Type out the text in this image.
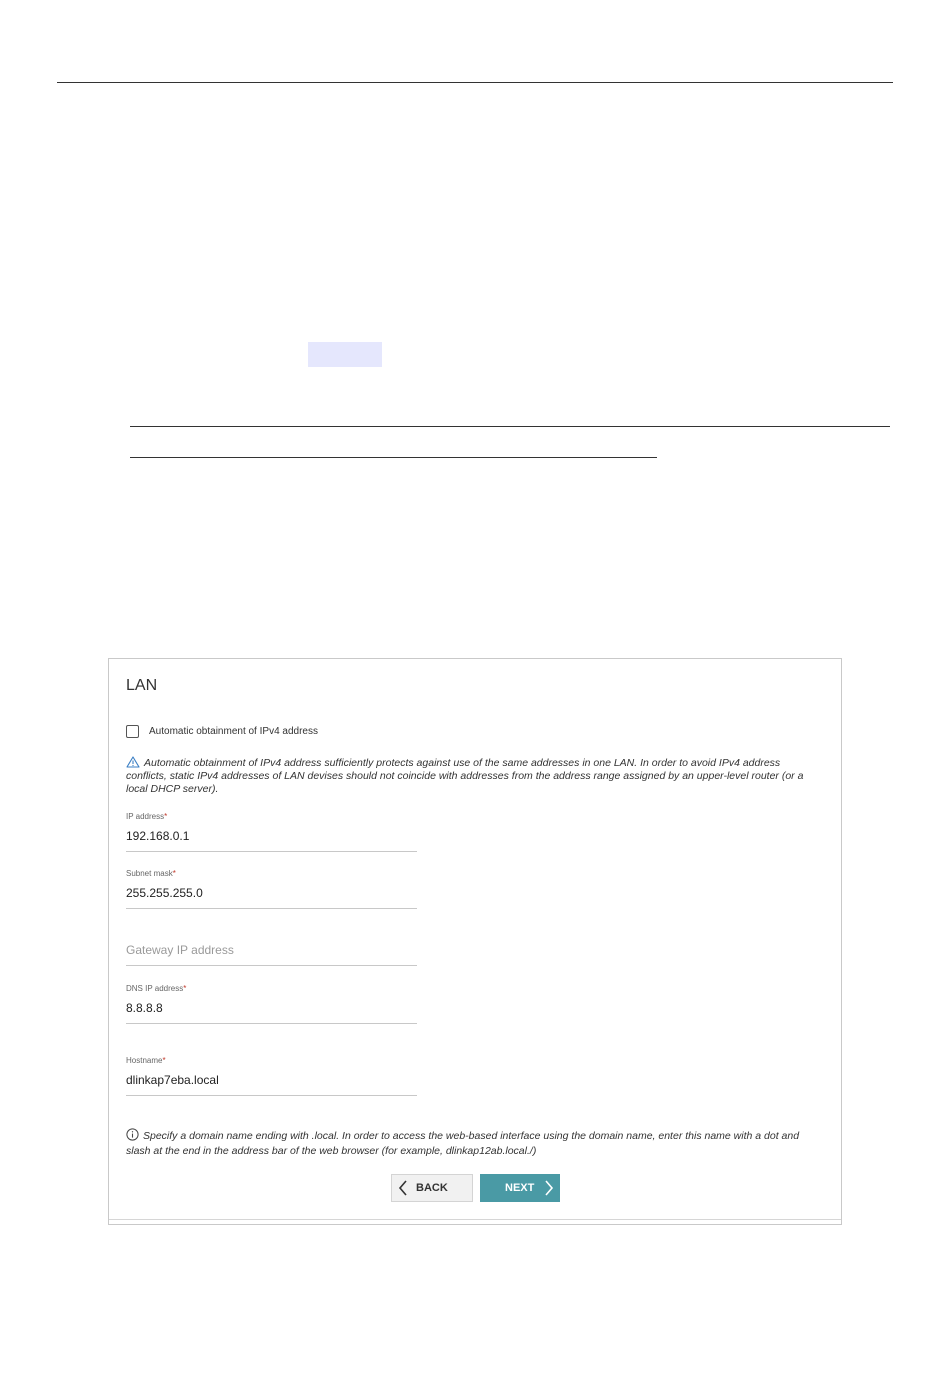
LAN
Automatic obtainment of IPv4 address
Automatic obtainment of IPv4 address sufficiently protects against use of the same addresses in one LAN. In order to avoid IPv4 address conflicts, static IPv4 addresses of LAN devises should not coincide with addresses from the address range assigned by an upper-level router (or a local DHCP server).
IP address*
192.168.0.1
Subnet mask*
255.255.255.0
Gateway IP address
DNS IP address*
8.8.8.8
Hostname*
dlinkap7eba.local
Specify a domain name ending with .local. In order to access the web-based interface using the domain name, enter this name with a dot and slash at the end in the address bar of the web browser (for example, dlinkap12ab.local./)
BACK	NEXT
